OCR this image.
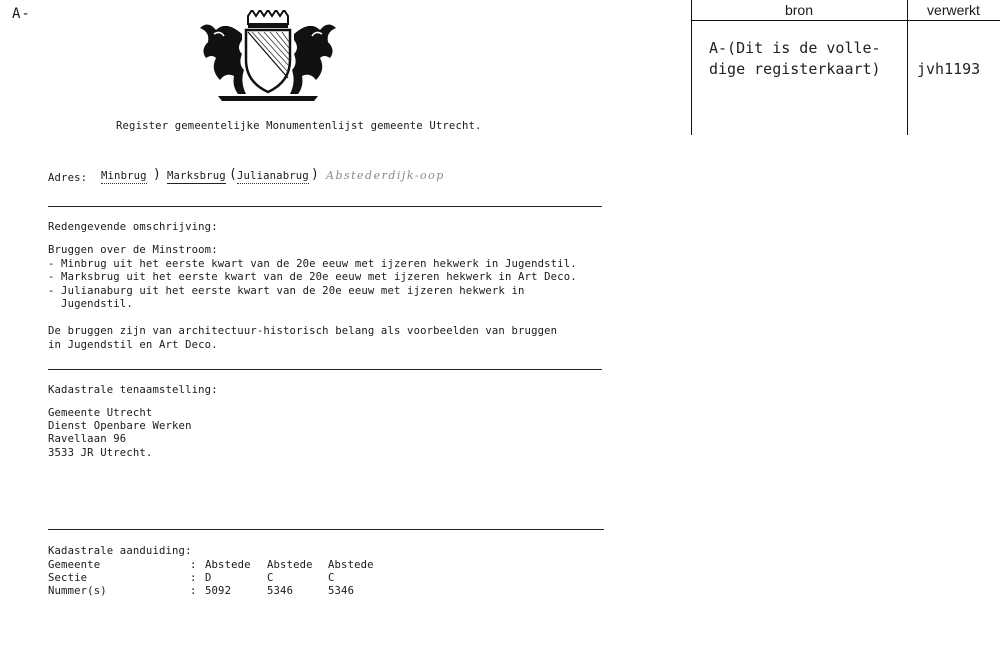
A-
Register gemeentelijke Monumentenlijst gemeente Utrecht.
Adres: Minbrug ) Marksbrug ( Julianabrug ) Abstederdijk-oop
Redengevende omschrijving:
Bruggen over de Minstroom:
- Minbrug uit het eerste kwart van de 20e eeuw met ijzeren hekwerk in Jugendstil.
- Marksbrug uit het eerste kwart van de 20e eeuw met ijzeren hekwerk in Art Deco.
- Julianaburg uit het eerste kwart van de 20e eeuw met ijzeren hekwerk in
Jugendstil.
De bruggen zijn van architectuur-historisch belang als voorbeelden van bruggen
in Jugendstil en Art Deco.
Kadastrale tenaamstelling:
Gemeente Utrecht
Dienst Openbare Werken
Ravellaan 96
3533 JR Utrecht.
Kadastrale aanduiding:
Gemeente	: Abstede Abstede Abstede
Sectie	: D	C	C
Nummer(s)	: 5092	5346	5346
bron	verwerkt
A-(Dit is de volle-
dige registerkaart)	jvh1193
